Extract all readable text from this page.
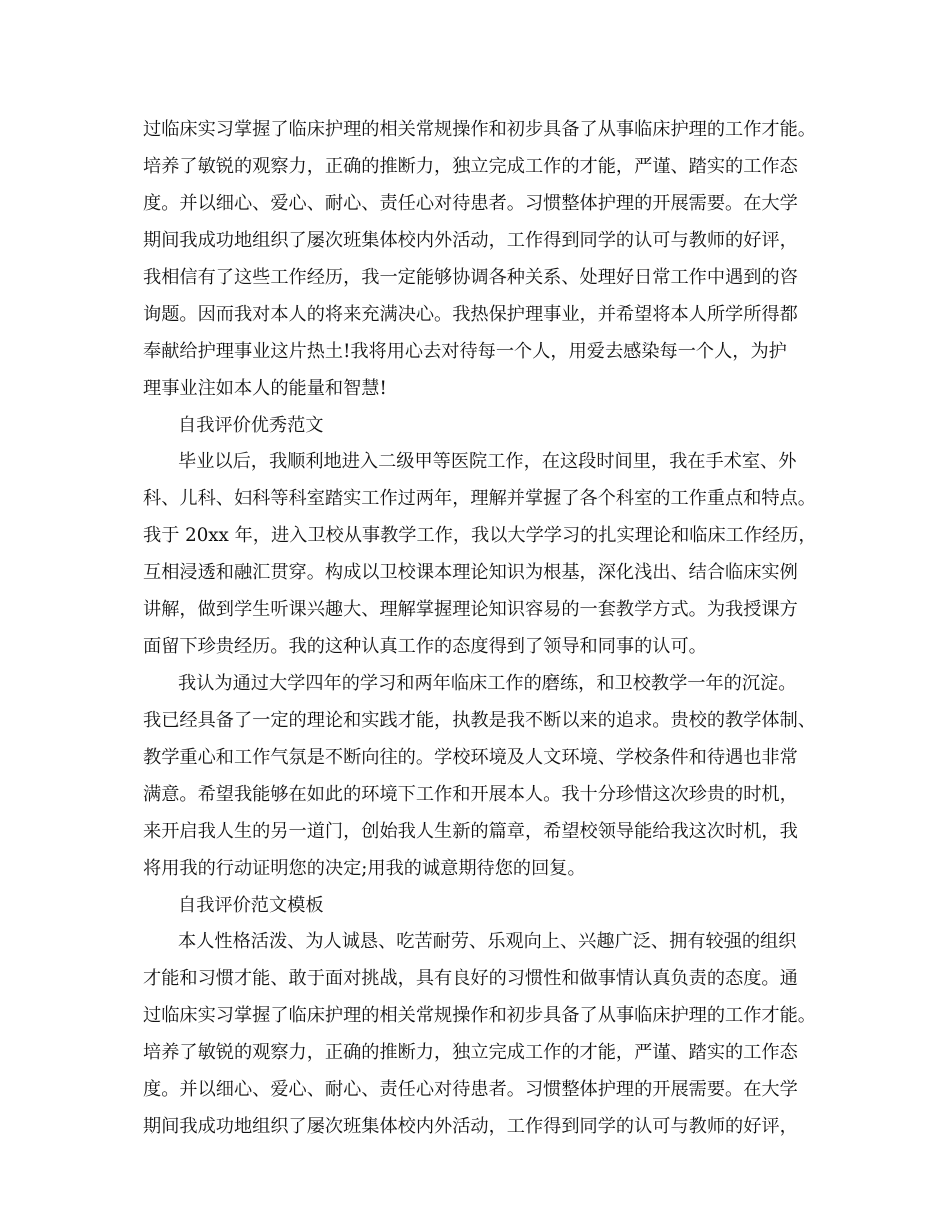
过临床实习掌握了临床护理的相关常规操作和初步具备了从事临床护理的工作才能。
培养了敏锐的观察力，正确的推断力，独立完成工作的才能，严谨、踏实的工作态
度。并以细心、爱心、耐心、责任心对待患者。习惯整体护理的开展需要。在大学
期间我成功地组织了屡次班集体校内外活动，工作得到同学的认可与教师的好评，
我相信有了这些工作经历，我一定能够协调各种关系、处理好日常工作中遇到的咨
询题。因而我对本人的将来充满决心。我热保护理事业，并希望将本人所学所得都
奉献给护理事业这片热土!我将用心去对待每一个人，用爱去感染每一个人，为护
理事业注如本人的能量和智慧!
自我评价优秀范文
毕业以后，我顺利地进入二级甲等医院工作，在这段时间里，我在手术室、外
科、儿科、妇科等科室踏实工作过两年，理解并掌握了各个科室的工作重点和特点。
我于 20xx 年，进入卫校从事教学工作，我以大学学习的扎实理论和临床工作经历，
互相浸透和融汇贯穿。构成以卫校课本理论知识为根基，深化浅出、结合临床实例
讲解，做到学生听课兴趣大、理解掌握理论知识容易的一套教学方式。为我授课方
面留下珍贵经历。我的这种认真工作的态度得到了领导和同事的认可。
我认为通过大学四年的学习和两年临床工作的磨练，和卫校教学一年的沉淀。
我已经具备了一定的理论和实践才能，执教是我不断以来的追求。贵校的教学体制、
教学重心和工作气氛是不断向往的。学校环境及人文环境、学校条件和待遇也非常
满意。希望我能够在如此的环境下工作和开展本人。我十分珍惜这次珍贵的时机，
来开启我人生的另一道门，创始我人生新的篇章，希望校领导能给我这次时机，我
将用我的行动证明您的决定;用我的诚意期待您的回复。
自我评价范文模板
本人性格活泼、为人诚恳、吃苦耐劳、乐观向上、兴趣广泛、拥有较强的组织
才能和习惯才能、敢于面对挑战，具有良好的习惯性和做事情认真负责的态度。通
过临床实习掌握了临床护理的相关常规操作和初步具备了从事临床护理的工作才能。
培养了敏锐的观察力，正确的推断力，独立完成工作的才能，严谨、踏实的工作态
度。并以细心、爱心、耐心、责任心对待患者。习惯整体护理的开展需要。在大学
期间我成功地组织了屡次班集体校内外活动，工作得到同学的认可与教师的好评，
